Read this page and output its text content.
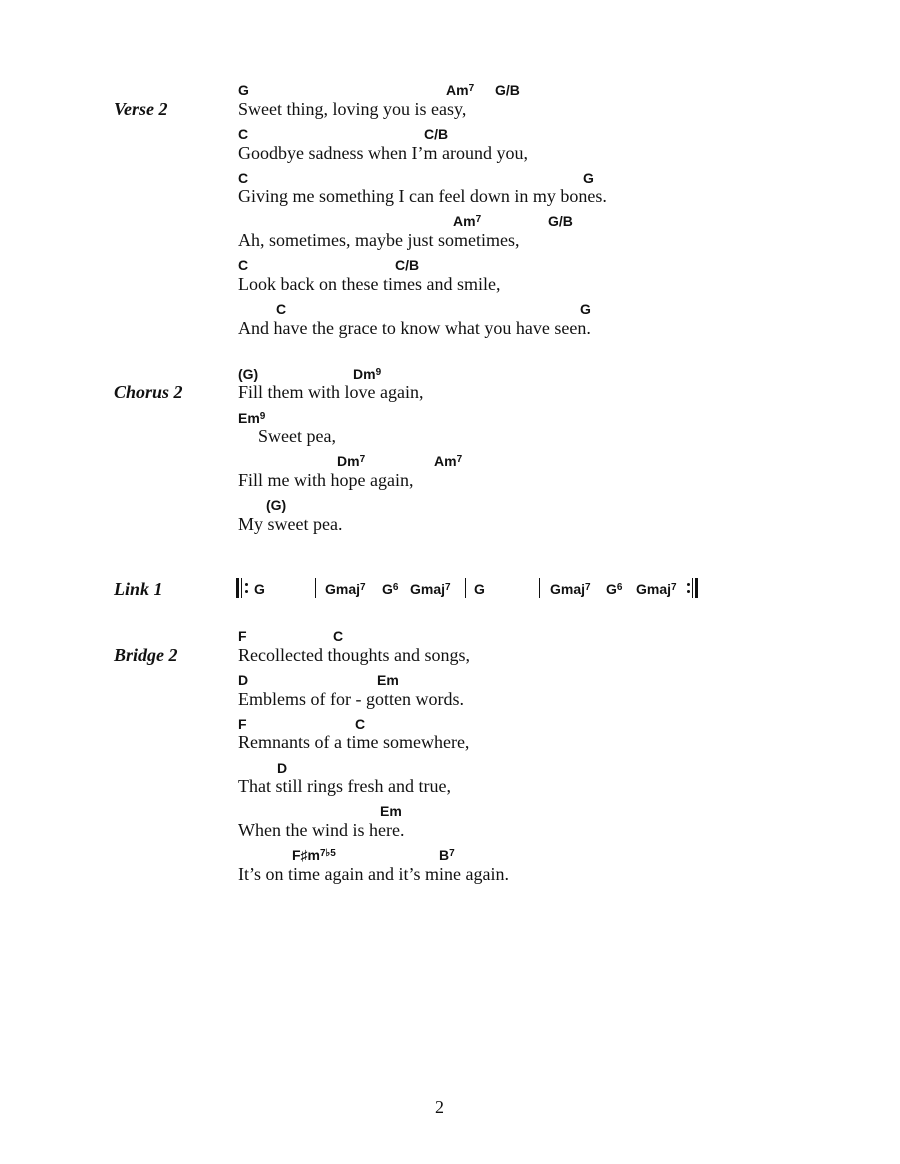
Verse 2
G	Am$^7$ G/B
Sweet thing, loving you is easy,
C	C/B
Goodbye sadness when I’m around you,
C	G
Giving me something I can feel down in my bones.
Am$^7$	G/B
Ah, sometimes, maybe just sometimes,
C	C/B
Look back on these times and smile,
C	G
And have the grace to know what you have seen.
Chorus 2
(G)	Dm$^9$
Fill them with love again,
Em$^9$
Sweet pea,
Dm$^7$	Am$^7$
Fill me with hope again,
(G)
My sweet pea.
Link 1	G	Gmaj$^7$ $G^6$ Gmaj$^7$ G	Gmaj$^7$ $G^6$ Gmaj$^7$
Bridge 2
F	C
Recollected thoughts and songs,
D	Em
Emblems of for - gotten words.
F	C
Remnants of a time somewhere,
D
That still rings fresh and true,
Em
When the wind is here.
$F♯m^{7♭5}$	$B^7$
It’s on time again and it’s mine again.
2
